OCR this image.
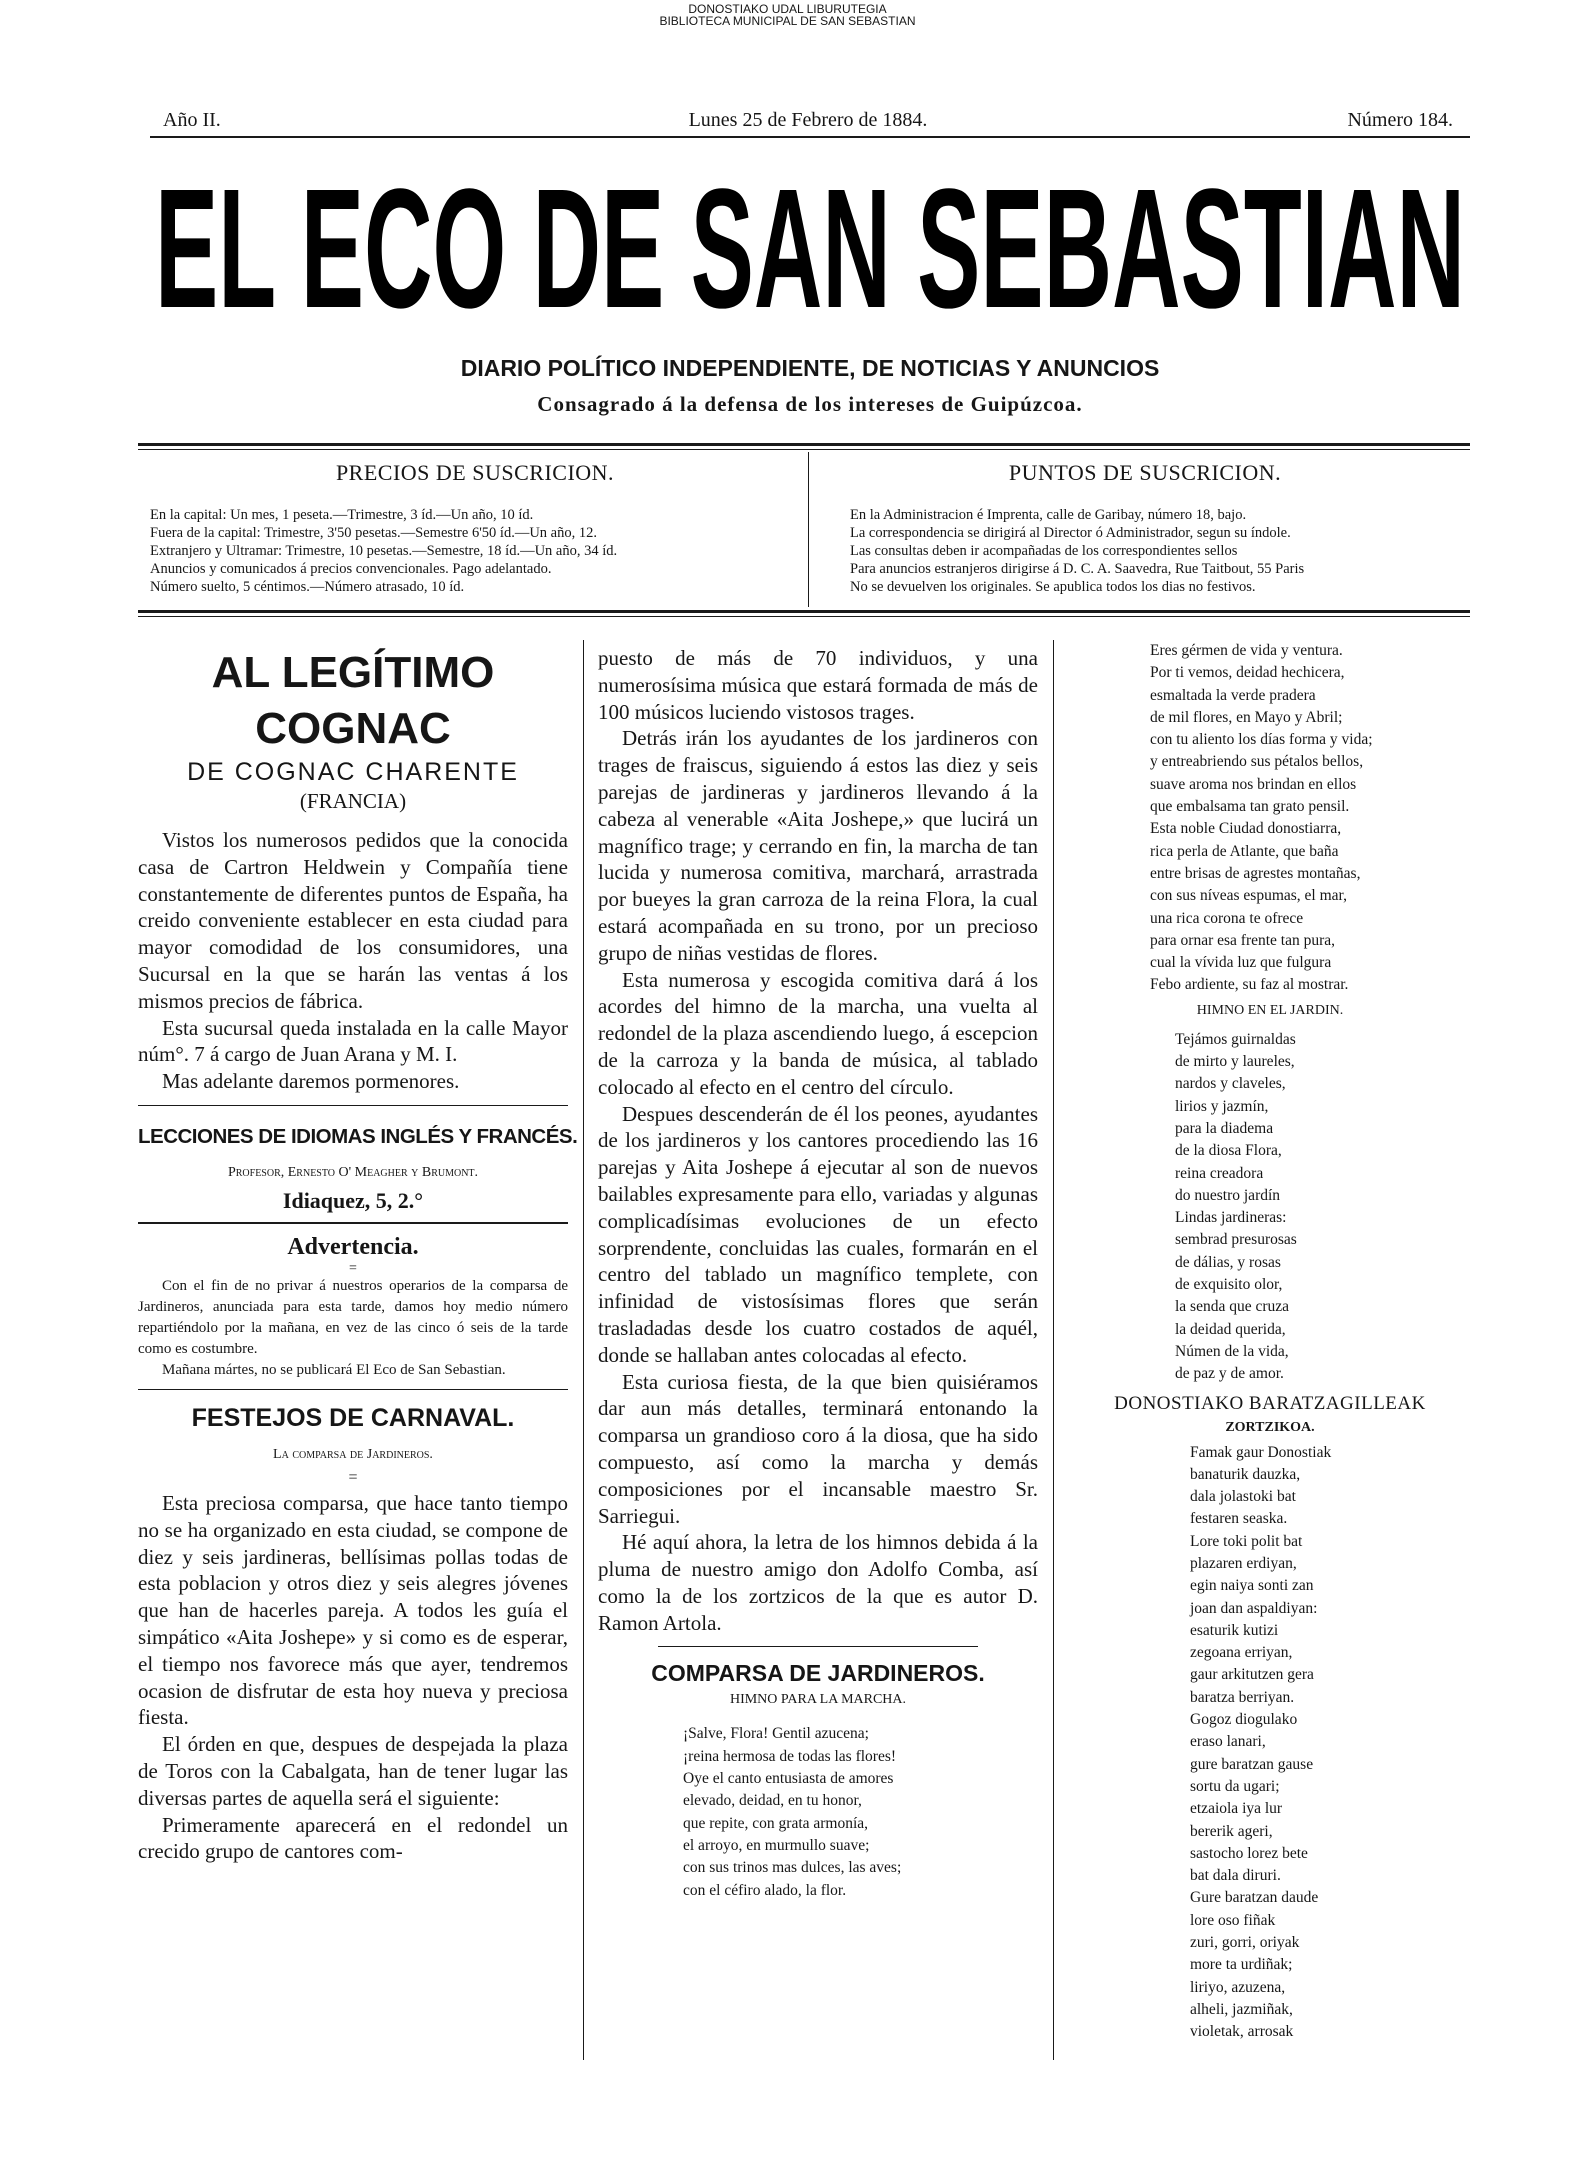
DONOSTIAKO UDAL LIBURUTEGIA
BIBLIOTECA MUNICIPAL DE SAN SEBASTIAN
Año II.	Lunes 25 de Febrero de 1884.	Número 184.
EL ECO DE SAN SEBASTIAN
DIARIO POLÍTICO INDEPENDIENTE, DE NOTICIAS Y ANUNCIOS
Consagrado á la defensa de los intereses de Guipúzcoa.
PRECIOS DE SUSCRICION.
En la capital: Un mes, 1 peseta.—Trimestre, 3 íd.—Un año, 10 íd.
Fuera de la capital: Trimestre, 3'50 pesetas.—Semestre 6'50 íd.—Un año, 12.
Extranjero y Ultramar: Trimestre, 10 pesetas.—Semestre, 18 íd.—Un año, 34 íd.
Anuncios y comunicados á precios convencionales. Pago adelantado.
Número suelto, 5 céntimos.—Número atrasado, 10 íd.
PUNTOS DE SUSCRICION.
En la Administracion é Imprenta, calle de Garibay, número 18, bajo.
La correspondencia se dirigirá al Director ó Administrador, segun su índole.
Las consultas deben ir acompañadas de los correspondientes sellos
Para anuncios estranjeros dirigirse á D. C. A. Saavedra, Rue Taitbout, 55 Paris
No se devuelven los originales. Se apublica todos los dias no festivos.
AL LEGÍTIMO COGNAC
DE COGNAC CHARENTE
(FRANCIA)

Vistos los numerosos pedidos que la conocida casa de Cartron Heldwein y Compañía tiene constantemente de diferentes puntos de España, ha creido conveniente establecer en esta ciudad para mayor comodidad de los consumidores, una Sucursal en la que se harán las ventas á los mismos precios de fábrica.

Esta sucursal queda instalada en la calle Mayor núm°. 7 á cargo de Juan Arana y M. I.

Mas adelante daremos pormenores.

LECCIONES DE IDIOMAS INGLÉS Y FRANCÉS.
Profesor, Ernesto O' Meagher y Brumont.
Idiaquez, 5, 2.°
Advertencia.
=

Con el fin de no privar á nuestros operarios de la comparsa de Jardineros, anunciada para esta tarde, damos hoy medio número repartiéndolo por la mañana, en vez de las cinco ó seis de la tarde como es costumbre.

Mañana mártes, no se publicará El Eco de San Sebastian.

FESTEJOS DE CARNAVAL.
La comparsa de Jardineros.
=

Esta preciosa comparsa, que hace tanto tiempo no se ha organizado en esta ciudad, se compone de diez y seis jardineras, bellísimas pollas todas de esta poblacion y otros diez y seis alegres jóvenes que han de hacerles pareja. A todos les guía el simpático «Aita Joshepe» y si como es de esperar, el tiempo nos favorece más que ayer, tendremos ocasion de disfrutar de esta hoy nueva y preciosa fiesta.

El órden en que, despues de despejada la plaza de Toros con la Cabalgata, han de tener lugar las diversas partes de aquella será el siguiente:

Primeramente aparecerá en el redondel un crecido grupo de cantores com-

puesto de más de 70 individuos, y una numerosísima música que estará formada de más de 100 músicos luciendo vistosos trages.

Detrás irán los ayudantes de los jardineros con trages de fraiscus, siguiendo á estos las diez y seis parejas de jardineras y jardineros llevando á la cabeza al venerable «Aita Joshepe,» que lucirá un magnífico trage; y cerrando en fin, la marcha de tan lucida y numerosa comitiva, marchará, arrastrada por bueyes la gran carroza de la reina Flora, la cual estará acompañada en su trono, por un precioso grupo de niñas vestidas de flores.

Esta numerosa y escogida comitiva dará á los acordes del himno de la marcha, una vuelta al redondel de la plaza ascendiendo luego, á escepcion de la carroza y la banda de música, al tablado colocado al efecto en el centro del círculo.

Despues descenderán de él los peones, ayudantes de los jardineros y los cantores procediendo las 16 parejas y Aita Joshepe á ejecutar al son de nuevos bailables expresamente para ello, variadas y algunas complicadísimas evoluciones de un efecto sorprendente, concluidas las cuales, formarán en el centro del tablado un magnífico templete, con infinidad de vistosísimas flores que serán trasladadas desde los cuatro costados de aquél, donde se hallaban antes colocadas al efecto.

Esta curiosa fiesta, de la que bien quisiéramos dar aun más detalles, terminará entonando la comparsa un grandioso coro á la diosa, que ha sido compuesto, así como la marcha y demás composiciones por el incansable maestro Sr. Sarriegui.

Hé aquí ahora, la letra de los himnos debida á la pluma de nuestro amigo don Adolfo Comba, así como la de los zortzicos de la que es autor D. Ramon Artola.

COMPARSA DE JARDINEROS.
HIMNO PARA LA MARCHA.
¡Salve, Flora! Gentil azucena;
¡reina hermosa de todas las flores!
Oye el canto entusiasta de amores
elevado, deidad, en tu honor,
que repite, con grata armonía,
el arroyo, en murmullo suave;
con sus trinos mas dulces, las aves;
con el céfiro alado, la flor.
Eres gérmen de vida y ventura.
Por ti vemos, deidad hechicera,
esmaltada la verde pradera
de mil flores, en Mayo y Abril;
con tu aliento los días forma y vida;
y entreabriendo sus pétalos bellos,
suave aroma nos brindan en ellos
que embalsama tan grato pensil.
Esta noble Ciudad donostiarra,
rica perla de Atlante, que baña
entre brisas de agrestes montañas,
con sus níveas espumas, el mar,
una rica corona te ofrece
para ornar esa frente tan pura,
cual la vívida luz que fulgura
Febo ardiente, su faz al mostrar.
HIMNO EN EL JARDIN.
Tejámos guirnaldas
de mirto y laureles,
nardos y claveles,
lirios y jazmín,
para la diadema
de la diosa Flora,
reina creadora
do nuestro jardín
Lindas jardineras:
sembrad presurosas
de dálias, y rosas
de exquisito olor,
la senda que cruza
la deidad querida,
Númen de la vida,
de paz y de amor.
DONOSTIAKO BARATZAGILLEAK
ZORTZIKOA.
Famak gaur Donostiak
banaturik dauzka,
dala jolastoki bat
festaren seaska.
Lore toki polit bat
plazaren erdiyan,
egin naiya sonti zan
joan dan aspaldiyan:
esaturik kutizi
zegoana erriyan,
gaur arkitutzen gera
baratza berriyan.
Gogoz diogulako
eraso lanari,
gure baratzan gause
sortu da ugari;
etzaiola iya lur
bererik ageri,
sastocho lorez bete
bat dala diruri.
Gure baratzan daude
lore oso fiñak
zuri, gorri, oriyak
more ta urdiñak;
liriyo, azuzena,
alheli, jazmiñak,
violetak, arrosak
